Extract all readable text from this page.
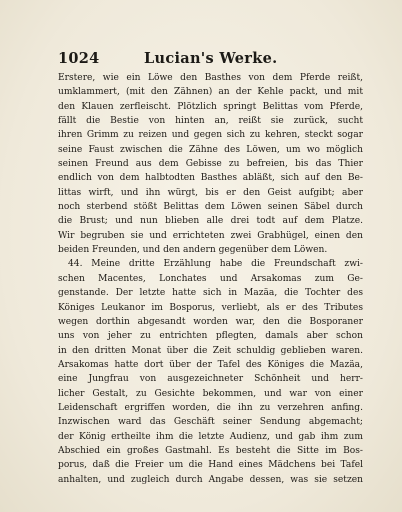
1024	Lucian's Werke.
Erstere, wie ein Löwe den Basthes von dem Pferde reißt,
umklammert, (mit den Zähnen) an der Kehle packt, und mit
den Klauen zerfleischt. Plötzlich springt Belittas vom Pferde,
fällt die Bestie von hinten an, reißt sie zurück, sucht
ihren Grimm zu reizen und gegen sich zu kehren, steckt sogar
seine Faust zwischen die Zähne des Löwen, um wo möglich
seinen Freund aus dem Gebisse zu befreien, bis das Thier
endlich von dem halbtodten Basthes abläßt, sich auf den Be-
littas wirft, und ihn würgt, bis er den Geist aufgibt; aber
noch sterbend stößt Belittas dem Löwen seinen Säbel durch
die Brust; und nun blieben alle drei todt auf dem Platze.
Wir begruben sie und errichteten zwei Grabhügel, einen den
beiden Freunden, und den andern gegenüber dem Löwen.
44. Meine dritte Erzählung habe die Freundschaft zwi-
schen Macentes, Lonchates und Arsakomas zum Ge-
genstande. Der letzte hatte sich in Mazäa, die Tochter des
Königes Leukanor im Bosporus, verliebt, als er des Tributes
wegen dorthin abgesandt worden war, den die Bosporaner
uns von jeher zu entrichten pflegten, damals aber schon
in den dritten Monat über die Zeit schuldig geblieben waren.
Arsakomas hatte dort über der Tafel des Königes die Mazäa,
eine Jungfrau von ausgezeichneter Schönheit und herr-
licher Gestalt, zu Gesichte bekommen, und war von einer
Leidenschaft ergriffen worden, die ihn zu verzehren anfing.
Inzwischen ward das Geschäft seiner Sendung abgemacht;
der König ertheilte ihm die letzte Audienz, und gab ihm zum
Abschied ein großes Gastmahl. Es besteht die Sitte im Bos-
porus, daß die Freier um die Hand eines Mädchens bei Tafel
anhalten, und zugleich durch Angabe dessen, was sie setzen
